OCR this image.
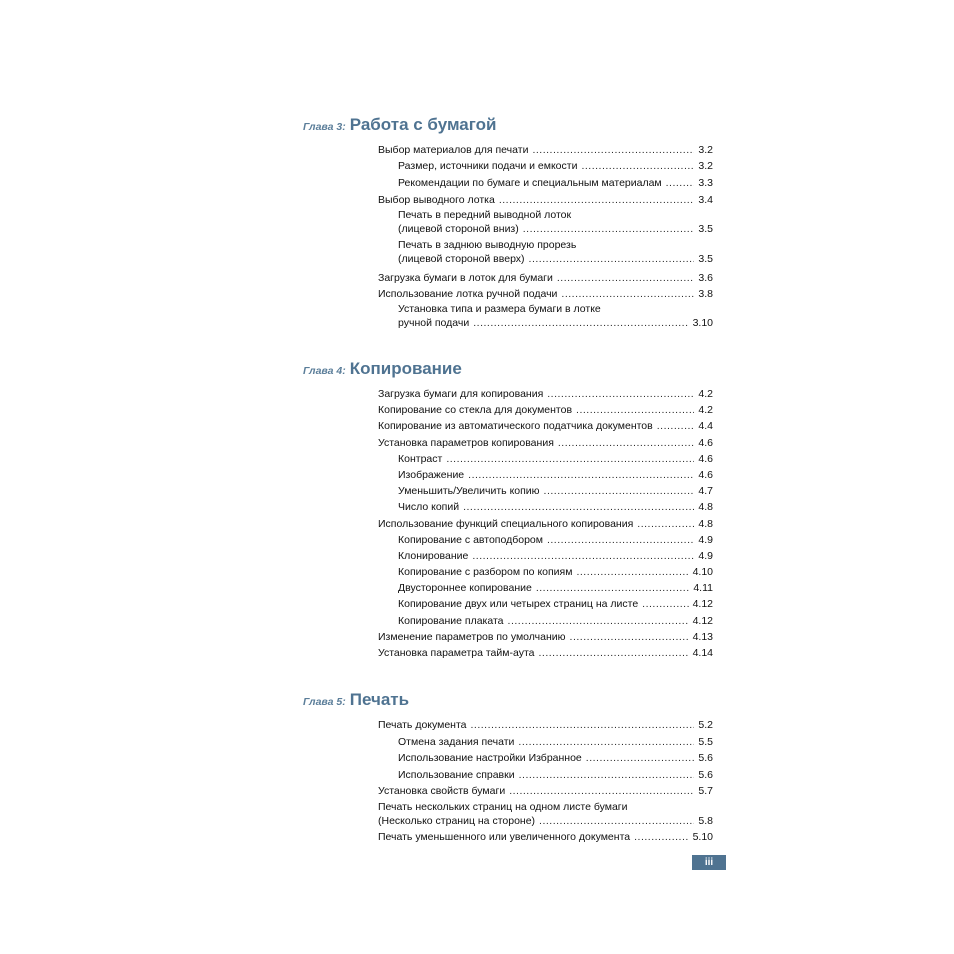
Глава 3: Работа с бумагой
Выбор материалов для печати .....	3.2
Размер, источники подачи и емкости .....	3.2
Рекомендации по бумаге и специальным материалам .....	3.3
Выбор выводного лотка .....	3.4
Печать в передний выводной лоток
(лицевой стороной вниз) .....	3.5
Печать в заднюю выводную прорезь
(лицевой стороной вверх) .....	3.5
Загрузка бумаги в лоток для бумаги .....	3.6
Использование лотка ручной подачи .....	3.8
Установка типа и размера бумаги в лотке
ручной подачи .....	3.10
Глава 4: Копирование
Загрузка бумаги для копирования .....	4.2
Копирование со стекла для документов .....	4.2
Копирование из автоматического податчика документов .....	4.4
Установка параметров копирования .....	4.6
Контраст .....	4.6
Изображение .....	4.6
Уменьшить/Увеличить копию .....	4.7
Число копий .....	4.8
Использование функций специального копирования .....	4.8
Копирование с автоподбором .....	4.9
Клонирование .....	4.9
Копирование с разбором по копиям .....	4.10
Двустороннее копирование .....	4.11
Копирование двух или четырех страниц на листе .....	4.12
Копирование плаката .....	4.12
Изменение параметров по умолчанию .....	4.13
Установка параметра тайм-аута .....	4.14
Глава 5: Печать
Печать документа .....	5.2
Отмена задания печати .....	5.5
Использование настройки Избранное .....	5.6
Использование справки .....	5.6
Установка свойств бумаги .....	5.7
Печать нескольких страниц на одном листе бумаги
(Несколько страниц на стороне) .....	5.8
Печать уменьшенного или увеличенного документа .....	5.10
iii
